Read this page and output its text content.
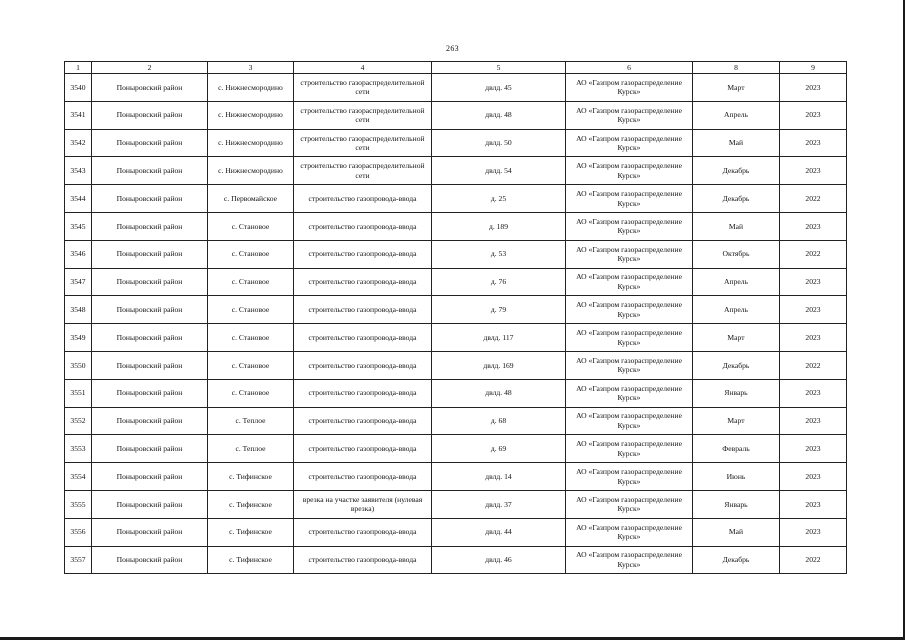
263
1	2	3	4	5	6	8	9
3540	Поныровский район	с. Нижнесмородино	строительство газораспределительной сети	двлд. 45	АО «Газпром газораспределение Курск»	Март	2023
3541	Поныровский район	с. Нижнесмородино	строительство газораспределительной сети	двлд. 48	АО «Газпром газораспределение Курск»	Апрель	2023
3542	Поныровский район	с. Нижнесмородино	строительство газораспределительной сети	двлд. 50	АО «Газпром газораспределение Курск»	Май	2023
3543	Поныровский район	с. Нижнесмородино	строительство газораспределительной сети	двлд. 54	АО «Газпром газораспределение Курск»	Декабрь	2023
3544	Поныровский район	с. Первомайское	строительство газопровода-ввода	д. 25	АО «Газпром газораспределение Курск»	Декабрь	2022
3545	Поныровский район	с. Становое	строительство газопровода-ввода	д. 189	АО «Газпром газораспределение Курск»	Май	2023
3546	Поныровский район	с. Становое	строительство газопровода-ввода	д. 53	АО «Газпром газораспределение Курск»	Октябрь	2022
3547	Поныровский район	с. Становое	строительство газопровода-ввода	д. 76	АО «Газпром газораспределение Курск»	Апрель	2023
3548	Поныровский район	с. Становое	строительство газопровода-ввода	д. 79	АО «Газпром газораспределение Курск»	Апрель	2023
3549	Поныровский район	с. Становое	строительство газопровода-ввода	двлд. 117	АО «Газпром газораспределение Курск»	Март	2023
3550	Поныровский район	с. Становое	строительство газопровода-ввода	двлд. 169	АО «Газпром газораспределение Курск»	Декабрь	2022
3551	Поныровский район	с. Становое	строительство газопровода-ввода	двлд. 48	АО «Газпром газораспределение Курск»	Январь	2023
3552	Поныровский район	с. Теплое	строительство газопровода-ввода	д. 68	АО «Газпром газораспределение Курск»	Март	2023
3553	Поныровский район	с. Теплое	строительство газопровода-ввода	д. 69	АО «Газпром газораспределение Курск»	Февраль	2023
3554	Поныровский район	с. Тифинское	строительство газопровода-ввода	двлд. 14	АО «Газпром газораспределение Курск»	Июнь	2023
3555	Поныровский район	с. Тифинское	врезка на участке заявителя (нулевая врезка)	двлд. 37	АО «Газпром газораспределение Курск»	Январь	2023
3556	Поныровский район	с. Тифинское	строительство газопровода-ввода	двлд. 44	АО «Газпром газораспределение Курск»	Май	2023
3557	Поныровский район	с. Тифинское	строительство газопровода-ввода	двлд. 46	АО «Газпром газораспределение Курск»	Декабрь	2022
